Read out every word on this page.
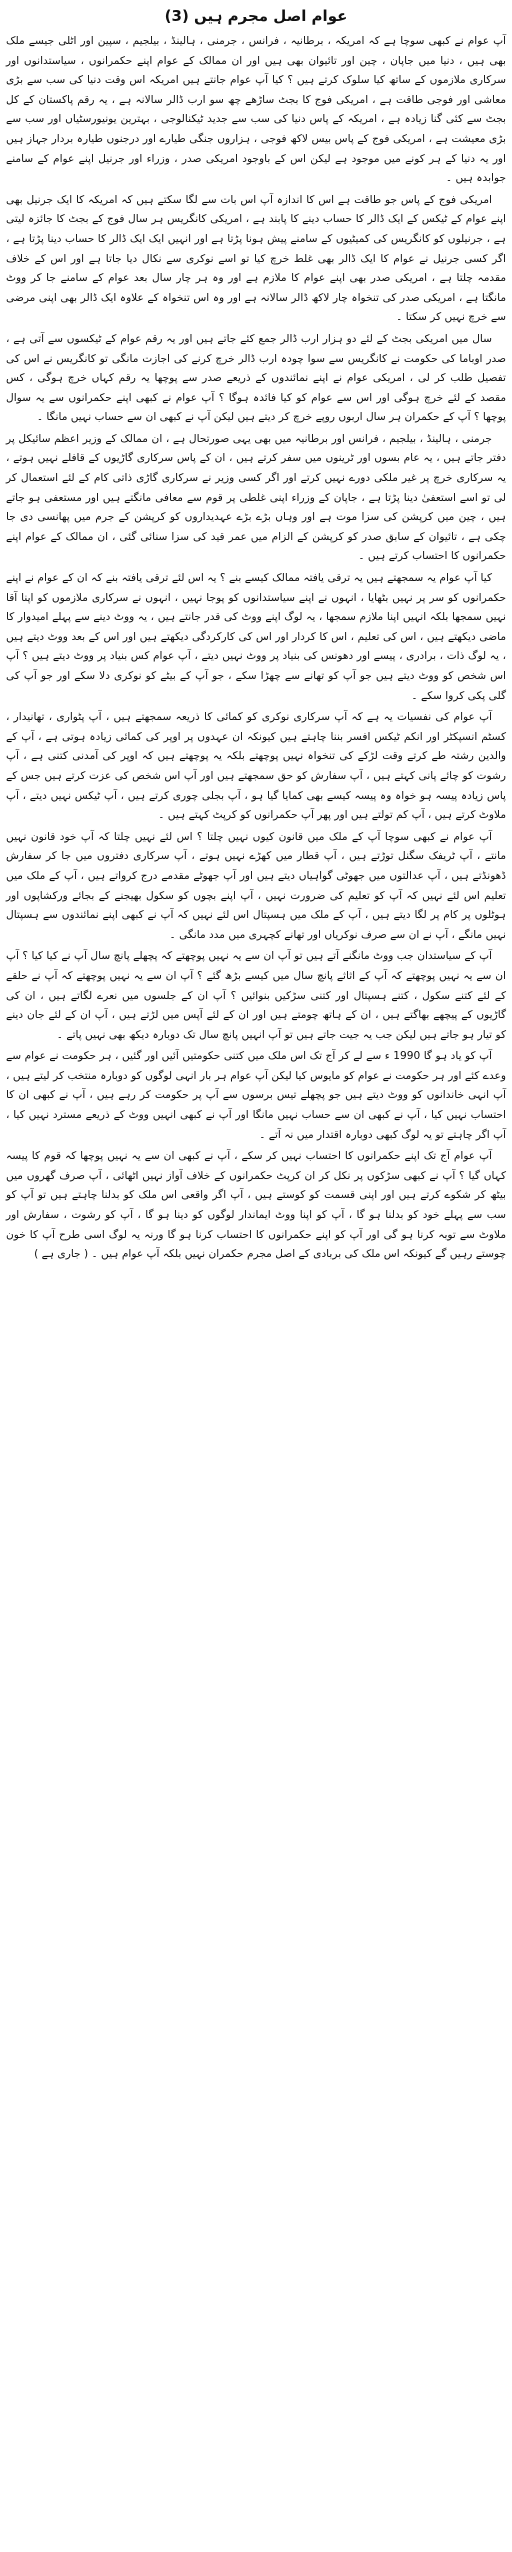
عوام اصل مجرم ہیں (3)

آپ عوام نے کبھی سوچا ہے کہ امریکہ ، برطانیہ ، فرانس ، جرمنی ، ہالینڈ ، بیلجیم ، سپین اور اٹلی جیسے ملک بھی ہیں ، دنیا میں جاپان ، چین اور تائیوان بھی ہیں اور ان ممالک کے عوام اپنے حکمرانوں ، سیاستدانوں اور سرکاری ملازموں کے ساتھ کیا سلوک کرتے ہیں ؟ کیا آپ عوام جانتے ہیں امریکہ اس وقت دنیا کی سب سے بڑی معاشی اور فوجی طاقت ہے ، امریکی فوج کا بجٹ ساڑھے چھ سو ارب ڈالر سالانہ ہے ، یہ رقم پاکستان کے کل بجٹ سے کئی گنا زیادہ ہے ، امریکہ کے پاس دنیا کی سب سے جدید ٹیکنالوجی ، بہترین یونیورسٹیاں اور سب سے بڑی معیشت ہے ، امریکی فوج کے پاس بیس لاکھ فوجی ، ہزاروں جنگی طیارے اور درجنوں طیارہ بردار جہاز ہیں اور یہ دنیا کے ہر کونے میں موجود ہے لیکن اس کے باوجود امریکی صدر ، وزراء اور جرنیل اپنے عوام کے سامنے جوابدہ ہیں ۔

امریکی فوج کے پاس جو طاقت ہے اس کا اندازہ آپ اس بات سے لگا سکتے ہیں کہ امریکہ کا ایک جرنیل بھی اپنے عوام کے ٹیکس کے ایک ڈالر کا حساب دینے کا پابند ہے ، امریکی کانگریس ہر سال فوج کے بجٹ کا جائزہ لیتی ہے ، جرنیلوں کو کانگریس کی کمیٹیوں کے سامنے پیش ہونا پڑتا ہے اور انہیں ایک ایک ڈالر کا حساب دینا پڑتا ہے ، اگر کسی جرنیل نے عوام کا ایک ڈالر بھی غلط خرچ کیا تو اسے نوکری سے نکال دیا جاتا ہے اور اس کے خلاف مقدمہ چلتا ہے ، امریکی صدر بھی اپنے عوام کا ملازم ہے اور وہ ہر چار سال بعد عوام کے سامنے جا کر ووٹ مانگتا ہے ، امریکی صدر کی تنخواہ چار لاکھ ڈالر سالانہ ہے اور وہ اس تنخواہ کے علاوہ ایک ڈالر بھی اپنی مرضی سے خرچ نہیں کر سکتا ۔

سال میں امریکی بجٹ کے لئے دو ہزار ارب ڈالر جمع کئے جاتے ہیں اور یہ رقم عوام کے ٹیکسوں سے آتی ہے ، صدر اوباما کی حکومت نے کانگریس سے سوا چودہ ارب ڈالر خرچ کرنے کی اجازت مانگی تو کانگریس نے اس کی تفصیل طلب کر لی ، امریکی عوام نے اپنے نمائندوں کے ذریعے صدر سے پوچھا یہ رقم کہاں خرچ ہوگی ، کس مقصد کے لئے خرچ ہوگی اور اس سے عوام کو کیا فائدہ ہوگا ؟ آپ عوام نے کبھی اپنے حکمرانوں سے یہ سوال پوچھا ؟ آپ کے حکمران ہر سال اربوں روپے خرچ کر دیتے ہیں لیکن آپ نے کبھی ان سے حساب نہیں مانگا ۔

جرمنی ، ہالینڈ ، بیلجیم ، فرانس اور برطانیہ میں بھی یہی صورتحال ہے ، ان ممالک کے وزیر اعظم سائیکل پر دفتر جاتے ہیں ، یہ عام بسوں اور ٹرینوں میں سفر کرتے ہیں ، ان کے پاس سرکاری گاڑیوں کے قافلے نہیں ہوتے ، یہ سرکاری خرچ پر غیر ملکی دورے نہیں کرتے اور اگر کسی وزیر نے سرکاری گاڑی ذاتی کام کے لئے استعمال کر لی تو اسے استعفیٰ دینا پڑتا ہے ، جاپان کے وزراء اپنی غلطی پر قوم سے معافی مانگتے ہیں اور مستعفی ہو جاتے ہیں ، چین میں کرپشن کی سزا موت ہے اور وہاں بڑے بڑے عہدیداروں کو کرپشن کے جرم میں پھانسی دی جا چکی ہے ، تائیوان کے سابق صدر کو کرپشن کے الزام میں عمر قید کی سزا سنائی گئی ، ان ممالک کے عوام اپنے حکمرانوں کا احتساب کرتے ہیں ۔

کیا آپ عوام یہ سمجھتے ہیں یہ ترقی یافتہ ممالک کیسے بنے ؟ یہ اس لئے ترقی یافتہ بنے کہ ان کے عوام نے اپنے حکمرانوں کو سر پر نہیں بٹھایا ، انہوں نے اپنے سیاستدانوں کو پوجا نہیں ، انہوں نے سرکاری ملازموں کو اپنا آقا نہیں سمجھا بلکہ انہیں اپنا ملازم سمجھا ، یہ لوگ اپنے ووٹ کی قدر جانتے ہیں ، یہ ووٹ دینے سے پہلے امیدوار کا ماضی دیکھتے ہیں ، اس کی تعلیم ، اس کا کردار اور اس کی کارکردگی دیکھتے ہیں اور اس کے بعد ووٹ دیتے ہیں ، یہ لوگ ذات ، برادری ، پیسے اور دھونس کی بنیاد پر ووٹ نہیں دیتے ، آپ عوام کس بنیاد پر ووٹ دیتے ہیں ؟ آپ اس شخص کو ووٹ دیتے ہیں جو آپ کو تھانے سے چھڑا سکے ، جو آپ کے بیٹے کو نوکری دلا سکے اور جو آپ کی گلی پکی کروا سکے ۔

آپ عوام کی نفسیات یہ ہے کہ آپ سرکاری نوکری کو کمائی کا ذریعہ سمجھتے ہیں ، آپ پٹواری ، تھانیدار ، کسٹم انسپکٹر اور انکم ٹیکس افسر بننا چاہتے ہیں کیونکہ ان عہدوں پر اوپر کی کمائی زیادہ ہوتی ہے ، آپ کے والدین رشتہ طے کرتے وقت لڑکے کی تنخواہ نہیں پوچھتے بلکہ یہ پوچھتے ہیں کہ اوپر کی آمدنی کتنی ہے ، آپ رشوت کو چائے پانی کہتے ہیں ، آپ سفارش کو حق سمجھتے ہیں اور آپ اس شخص کی عزت کرتے ہیں جس کے پاس زیادہ پیسہ ہو خواہ وہ پیسہ کیسے بھی کمایا گیا ہو ، آپ بجلی چوری کرتے ہیں ، آپ ٹیکس نہیں دیتے ، آپ ملاوٹ کرتے ہیں ، آپ کم تولتے ہیں اور پھر آپ حکمرانوں کو کرپٹ کہتے ہیں ۔

آپ عوام نے کبھی سوچا آپ کے ملک میں قانون کیوں نہیں چلتا ؟ اس لئے نہیں چلتا کہ آپ خود قانون نہیں مانتے ، آپ ٹریفک سگنل توڑتے ہیں ، آپ قطار میں کھڑے نہیں ہوتے ، آپ سرکاری دفتروں میں جا کر سفارش ڈھونڈتے ہیں ، آپ عدالتوں میں جھوٹی گواہیاں دیتے ہیں اور آپ جھوٹے مقدمے درج کرواتے ہیں ، آپ کے ملک میں تعلیم اس لئے نہیں کہ آپ کو تعلیم کی ضرورت نہیں ، آپ اپنے بچوں کو سکول بھیجنے کے بجائے ورکشاپوں اور ہوٹلوں پر کام پر لگا دیتے ہیں ، آپ کے ملک میں ہسپتال اس لئے نہیں کہ آپ نے کبھی اپنے نمائندوں سے ہسپتال نہیں مانگے ، آپ نے ان سے صرف نوکریاں اور تھانے کچہری میں مدد مانگی ۔

آپ کے سیاستدان جب ووٹ مانگنے آتے ہیں تو آپ ان سے یہ نہیں پوچھتے کہ پچھلے پانچ سال آپ نے کیا کیا ؟ آپ ان سے یہ نہیں پوچھتے کہ آپ کے اثاثے پانچ سال میں کیسے بڑھ گئے ؟ آپ ان سے یہ نہیں پوچھتے کہ آپ نے حلقے کے لئے کتنے سکول ، کتنے ہسپتال اور کتنی سڑکیں بنوائیں ؟ آپ ان کے جلسوں میں نعرے لگاتے ہیں ، ان کی گاڑیوں کے پیچھے بھاگتے ہیں ، ان کے ہاتھ چومتے ہیں اور ان کے لئے آپس میں لڑتے ہیں ، آپ ان کے لئے جان دینے کو تیار ہو جاتے ہیں لیکن جب یہ جیت جاتے ہیں تو آپ انہیں پانچ سال تک دوبارہ دیکھ بھی نہیں پاتے ۔

آپ کو یاد ہو گا 1990 ء سے لے کر آج تک اس ملک میں کتنی حکومتیں آئیں اور گئیں ، ہر حکومت نے عوام سے وعدے کئے اور ہر حکومت نے عوام کو مایوس کیا لیکن آپ عوام ہر بار انہی لوگوں کو دوبارہ منتخب کر لیتے ہیں ، آپ انہی خاندانوں کو ووٹ دیتے ہیں جو پچھلے تیس برسوں سے آپ پر حکومت کر رہے ہیں ، آپ نے کبھی ان کا احتساب نہیں کیا ، آپ نے کبھی ان سے حساب نہیں مانگا اور آپ نے کبھی انہیں ووٹ کے ذریعے مسترد نہیں کیا ، آپ اگر چاہتے تو یہ لوگ کبھی دوبارہ اقتدار میں نہ آتے ۔

آپ عوام آج تک اپنے حکمرانوں کا احتساب نہیں کر سکے ، آپ نے کبھی ان سے یہ نہیں پوچھا کہ قوم کا پیسہ کہاں گیا ؟ آپ نے کبھی سڑکوں پر نکل کر ان کرپٹ حکمرانوں کے خلاف آواز نہیں اٹھائی ، آپ صرف گھروں میں بیٹھ کر شکوے کرتے ہیں اور اپنی قسمت کو کوستے ہیں ، آپ اگر واقعی اس ملک کو بدلنا چاہتے ہیں تو آپ کو سب سے پہلے خود کو بدلنا ہو گا ، آپ کو اپنا ووٹ ایماندار لوگوں کو دینا ہو گا ، آپ کو رشوت ، سفارش اور ملاوٹ سے توبہ کرنا ہو گی اور آپ کو اپنے حکمرانوں کا احتساب کرنا ہو گا ورنہ یہ لوگ اسی طرح آپ کا خون چوستے رہیں گے کیونکہ اس ملک کی بربادی کے اصل مجرم حکمران نہیں بلکہ آپ عوام ہیں ۔ ( جاری ہے )
